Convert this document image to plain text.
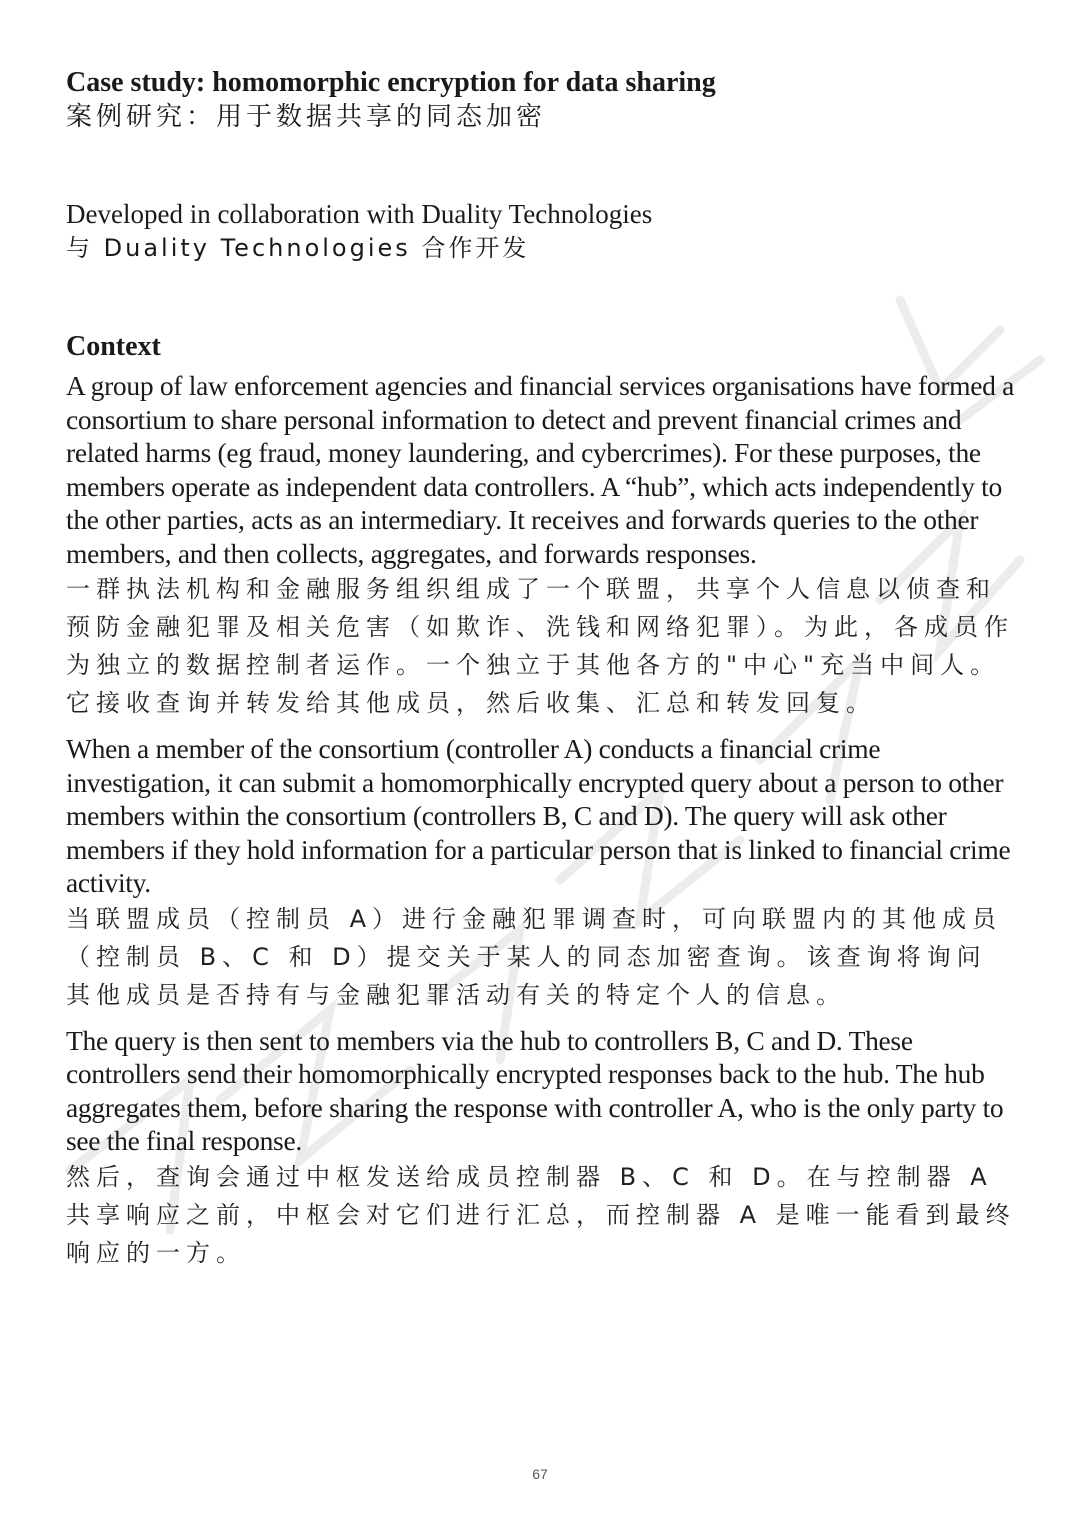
Case study: homomorphic encryption for data sharing

案例研究：用于数据共享的同态加密

Developed in collaboration with Duality Technologies

与 Duality Technologies 合作开发

Context

A group of law enforcement agencies and financial services organisations have formed a consortium to share personal information to detect and prevent financial crimes and related harms (eg fraud, money laundering, and cybercrimes). For these purposes, the members operate as independent data controllers. A “hub”, which acts independently to the other parties, acts as an intermediary. It receives and forwards queries to the other members, and then collects, aggregates, and forwards responses.

一群执法机构和金融服务组织组成了一个联盟，共享个人信息以侦查和预防金融犯罪及相关危害（如欺诈、洗钱和网络犯罪）。为此，各成员作为独立的数据控制者运作。一个独立于其他各方的"中心"充当中间人。它接收查询并转发给其他成员，然后收集、汇总和转发回复。

When a member of the consortium (controller A) conducts a financial crime investigation, it can submit a homomorphically encrypted query about a person to other members within the consortium (controllers B, C and D). The query will ask other members if they hold information for a particular person that is linked to financial crime activity.

当联盟成员（控制员 A）进行金融犯罪调查时，可向联盟内的其他成员（控制员 B、C 和 D）提交关于某人的同态加密查询。该查询将询问其他成员是否持有与金融犯罪活动有关的特定个人的信息。

The query is then sent to members via the hub to controllers B, C and D. These controllers send their homomorphically encrypted responses back to the hub. The hub aggregates them, before sharing the response with controller A, who is the only party to see the final response.

然后，查询会通过中枢发送给成员控制器 B、C 和 D。在与控制器 A 共享响应之前，中枢会对它们进行汇总，而控制器 A 是唯一能看到最终响应的一方。

67
